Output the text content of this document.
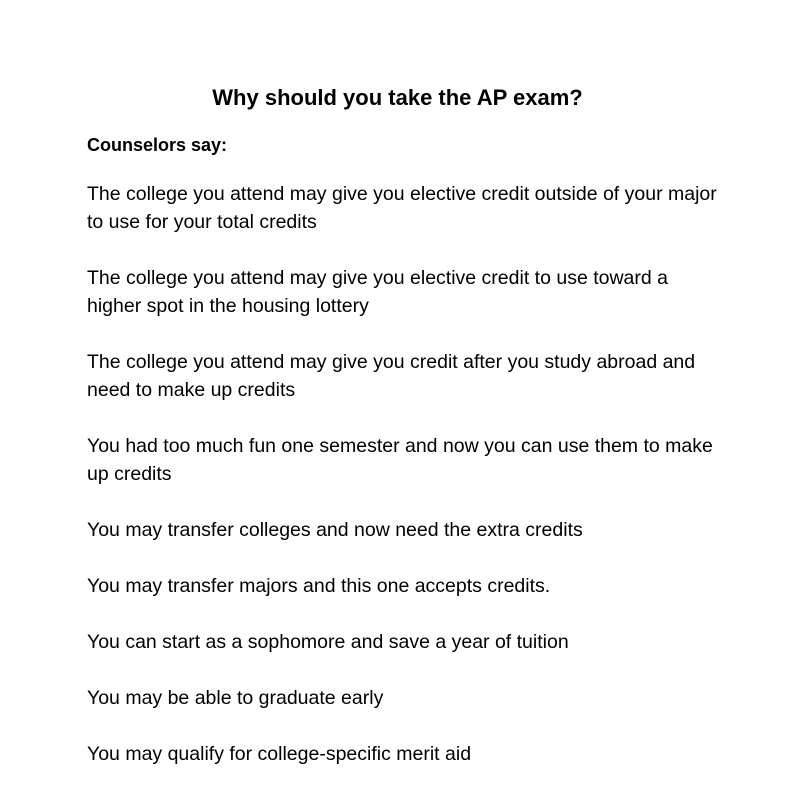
Why should you take the AP exam?

Counselors say:

The college you attend may give you elective credit outside of your major to use for your total credits
The college you attend may give you elective credit to use toward a higher spot in the housing lottery
The college you attend may give you credit after you study abroad and need to make up credits
You had too much fun one semester and now you can use them to make up credits
You may transfer colleges and now need the extra credits
You may transfer majors and this one accepts credits.
You can start as a sophomore and save a year of tuition
You may be able to graduate early
You may qualify for college-specific merit aid
